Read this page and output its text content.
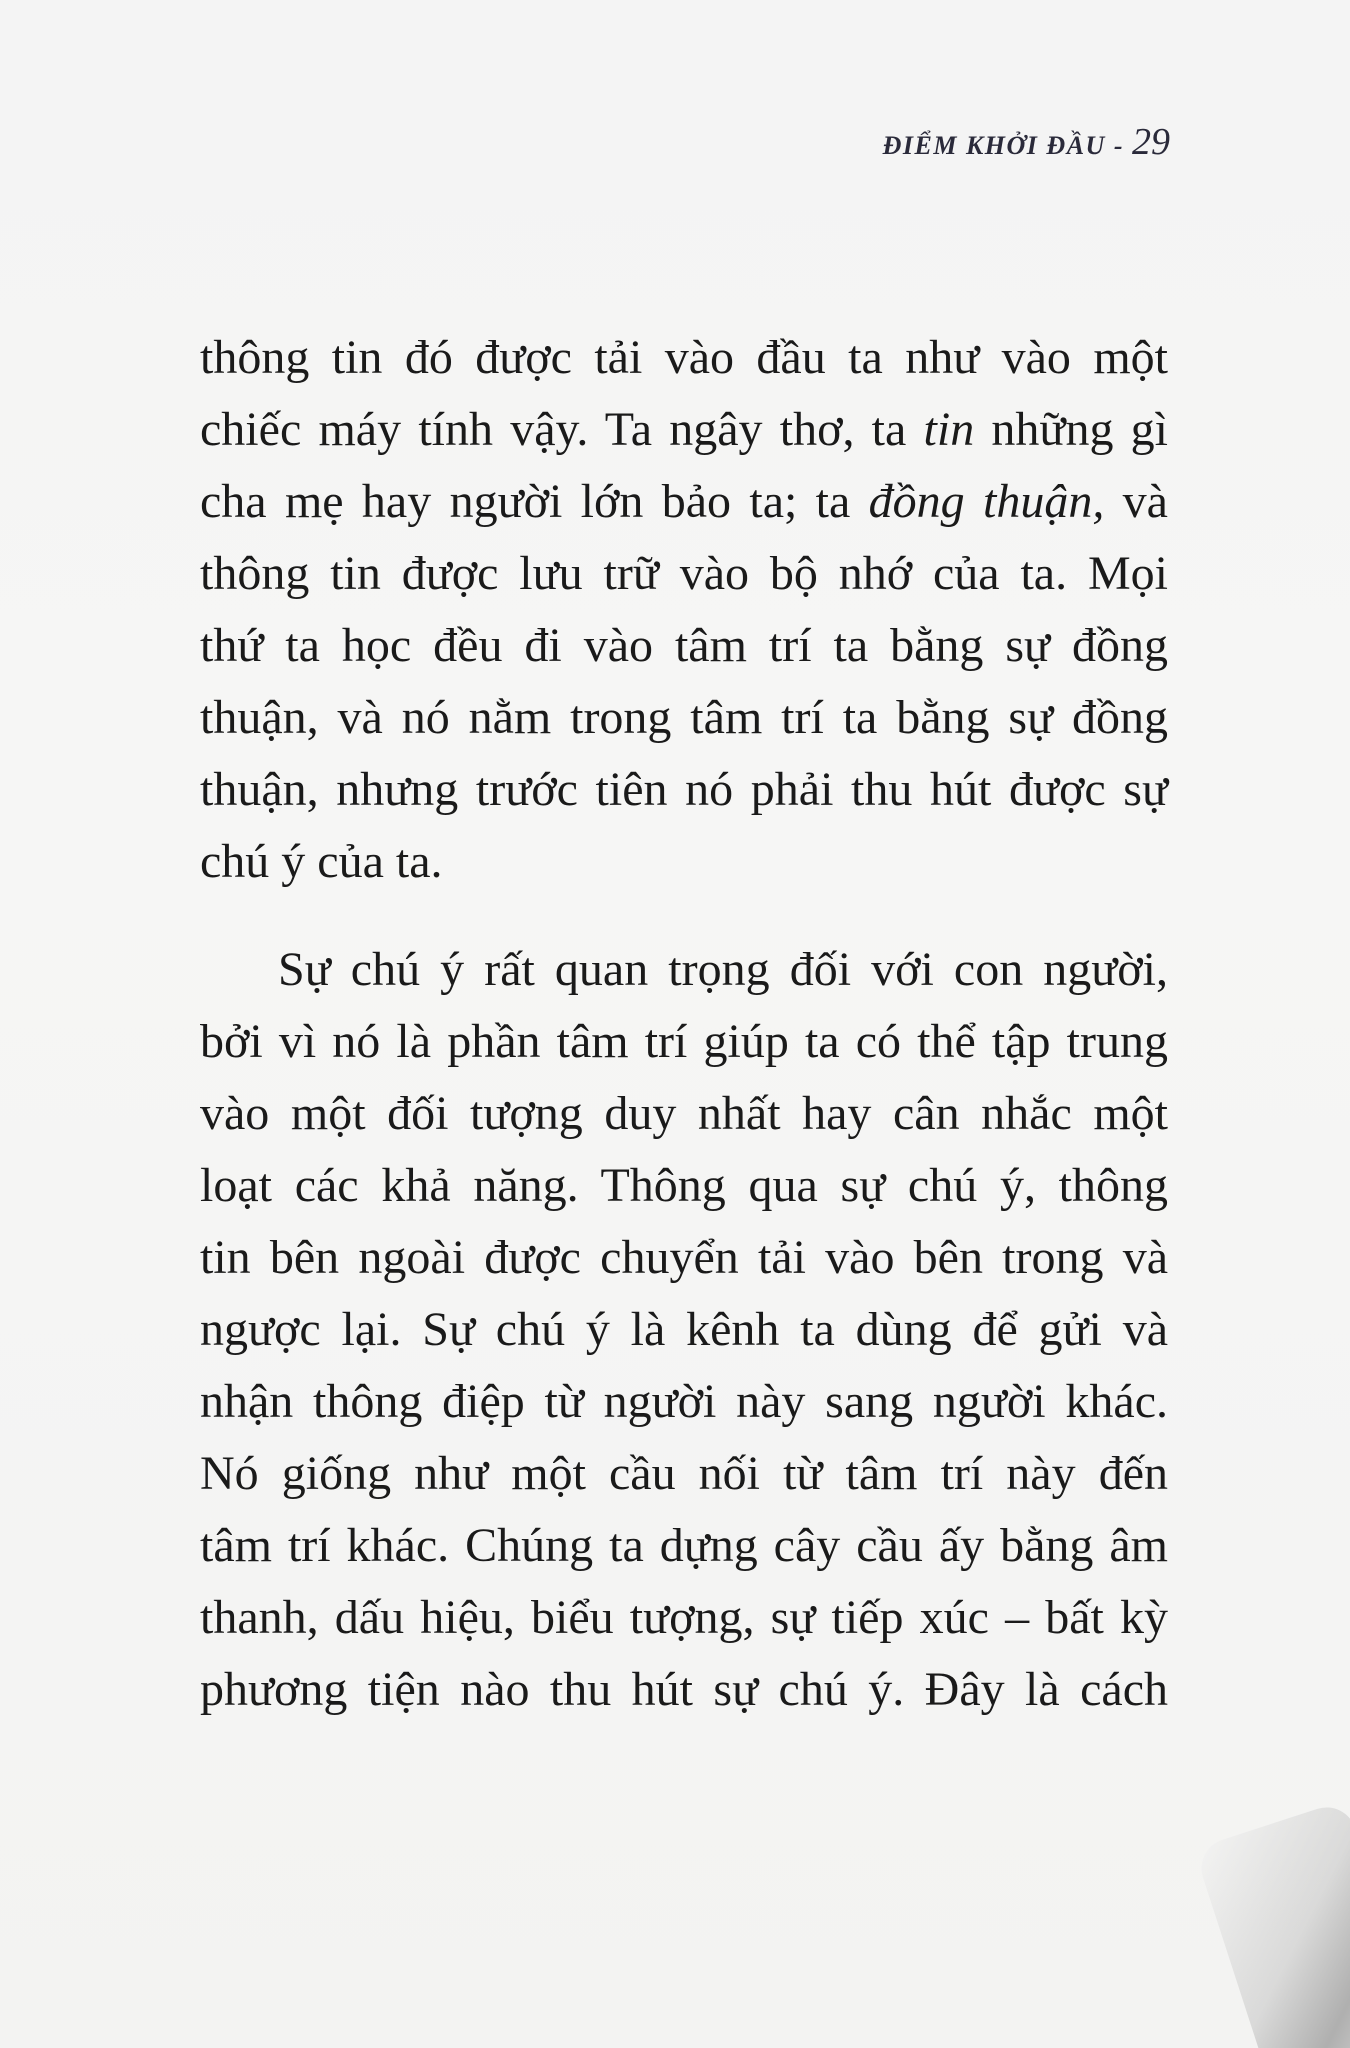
ĐIỂM KHỞI ĐẦU - 29
thông tin đó được tải vào đầu ta như vào một
chiếc máy tính vậy. Ta ngây thơ, ta tin những gì
cha mẹ hay người lớn bảo ta; ta đồng thuận, và
thông tin được lưu trữ vào bộ nhớ của ta. Mọi
thứ ta học đều đi vào tâm trí ta bằng sự đồng
thuận, và nó nằm trong tâm trí ta bằng sự đồng
thuận, nhưng trước tiên nó phải thu hút được sự
chú ý của ta.
Sự chú ý rất quan trọng đối với con người,
bởi vì nó là phần tâm trí giúp ta có thể tập trung
vào một đối tượng duy nhất hay cân nhắc một
loạt các khả năng. Thông qua sự chú ý, thông
tin bên ngoài được chuyển tải vào bên trong và
ngược lại. Sự chú ý là kênh ta dùng để gửi và
nhận thông điệp từ người này sang người khác.
Nó giống như một cầu nối từ tâm trí này đến
tâm trí khác. Chúng ta dựng cây cầu ấy bằng âm
thanh, dấu hiệu, biểu tượng, sự tiếp xúc – bất kỳ
phương tiện nào thu hút sự chú ý. Đây là cách
